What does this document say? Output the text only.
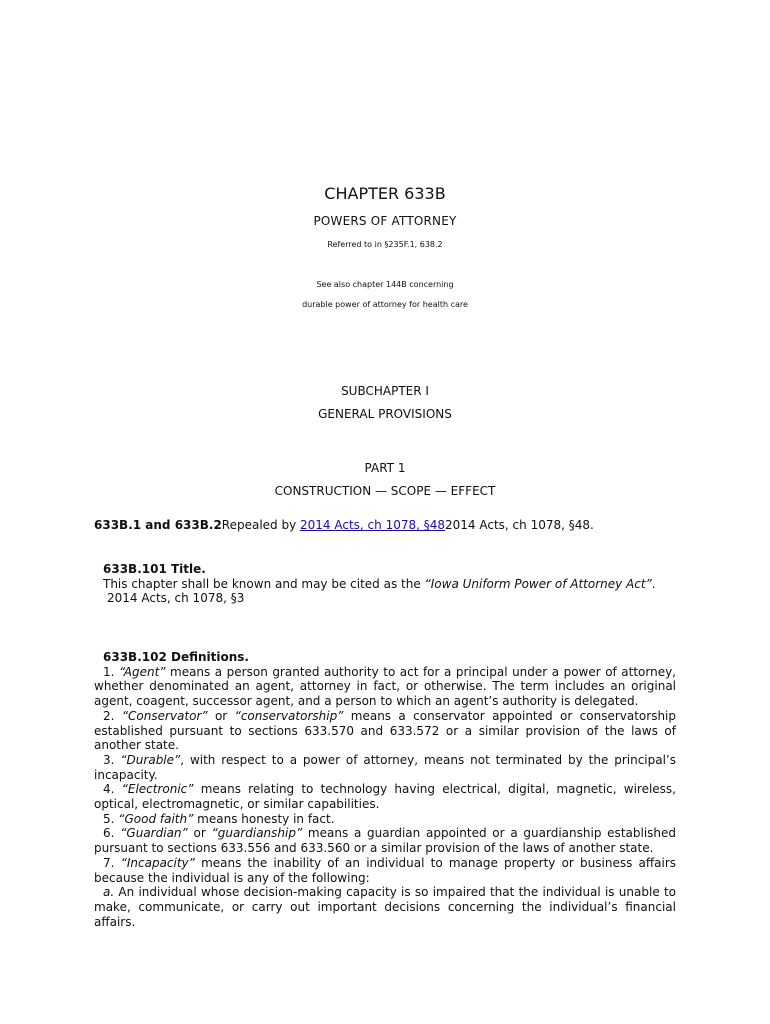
CHAPTER 633B
POWERS OF ATTORNEY
Referred to in §235F.1, 638.2
See also chapter 144B concerning
durable power of attorney for health care
SUBCHAPTER I
GENERAL PROVISIONS
PART 1
CONSTRUCTION — SCOPE — EFFECT
633B.1 and 633B.2Repealed by 2014 Acts, ch 1078, §482014 Acts, ch 1078, §48.
633B.101 Title.

This chapter shall be known and may be cited as the “Iowa Uniform Power of Attorney Act”.

2014 Acts, ch 1078, §3

633B.102 Definitions.

1. “Agent” means a person granted authority to act for a principal under a power of attorney, whether denominated an agent, attorney in fact, or otherwise. The term includes an original agent, coagent, successor agent, and a person to which an agent’s authority is delegated.

2. “Conservator” or “conservatorship” means a conservator appointed or conservatorship established pursuant to sections 633.570 and 633.572 or a similar provision of the laws of another state.

3. “Durable”, with respect to a power of attorney, means not terminated by the principal’s incapacity.

4. “Electronic” means relating to technology having electrical, digital, magnetic, wireless, optical, electromagnetic, or similar capabilities.

5. “Good faith” means honesty in fact.

6. “Guardian” or “guardianship” means a guardian appointed or a guardianship established pursuant to sections 633.556 and 633.560 or a similar provision of the laws of another state.

7. “Incapacity” means the inability of an individual to manage property or business affairs because the individual is any of the following:

a. An individual whose decision-making capacity is so impaired that the individual is unable to make, communicate, or carry out important decisions concerning the individual’s financial affairs.
